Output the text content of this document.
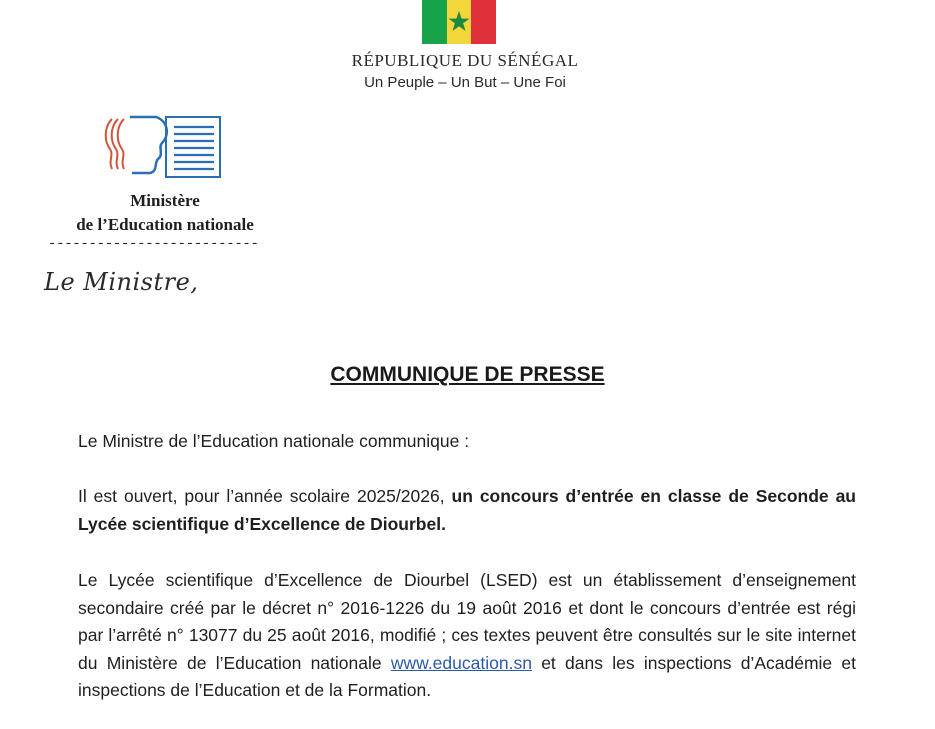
RÉPUBLIQUE DU SÉNÉGAL
Un Peuple – Un But – Une Foi
Ministère
de l’Education nationale
--------------------------
Le Ministre,
COMMUNIQUE DE PRESSE
Le Ministre de l’Education nationale communique :
Il est ouvert, pour l’année scolaire 2025/2026, un concours d’entrée en classe de Seconde au Lycée scientifique d’Excellence de Diourbel.
Le Lycée scientifique d’Excellence de Diourbel (LSED) est un établissement d’enseignement secondaire créé par le décret n° 2016-1226 du 19 août 2016 et dont le concours d’entrée est régi par l’arrêté n° 13077 du 25 août 2016, modifié ; ces textes peuvent être consultés sur le site internet du Ministère de l’Education nationale www.education.sn et dans les inspections d’Académie et inspections de l’Education et de la Formation.
